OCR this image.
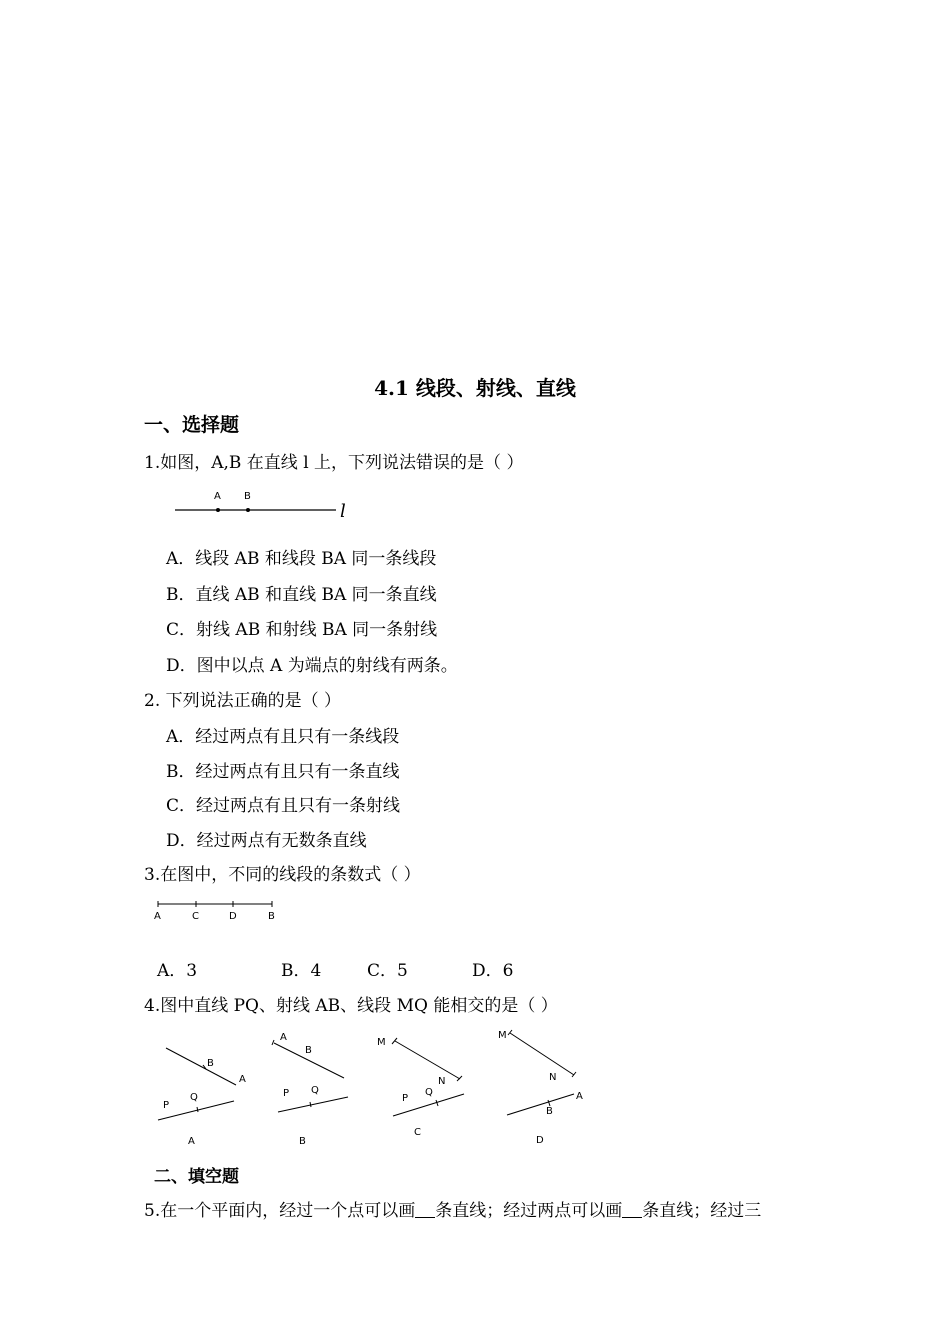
4.1 线段、射线、直线
一、选择题
1.如图，A,B 在直线 l 上，下列说法错误的是（ ）
A B
l
A．线段 AB 和线段 BA 同一条线段
B．直线 AB 和直线 BA 同一条直线
C．射线 AB 和射线 BA 同一条射线
D．图中以点 A 为端点的射线有两条。
2. 下列说法正确的是（ ）
A．经过两点有且只有一条线段
B．经过两点有且只有一条直线
C．经过两点有且只有一条射线
D．经过两点有无数条直线
3.在图中，不同的线段的条数式（ ）
A	C	D	B
A．3	B．4	C．5	D．6
4.图中直线 PQ、射线 AB、线段 MQ 能相交的是（ ）
B
A
P
Q
A
A
B
P Q
B
M
N
P
Q
C
M
N
A
B
D
二、填空题
5.在一个平面内，经过一个点可以画 条直线；经过两点可以画 条直线；经过三
